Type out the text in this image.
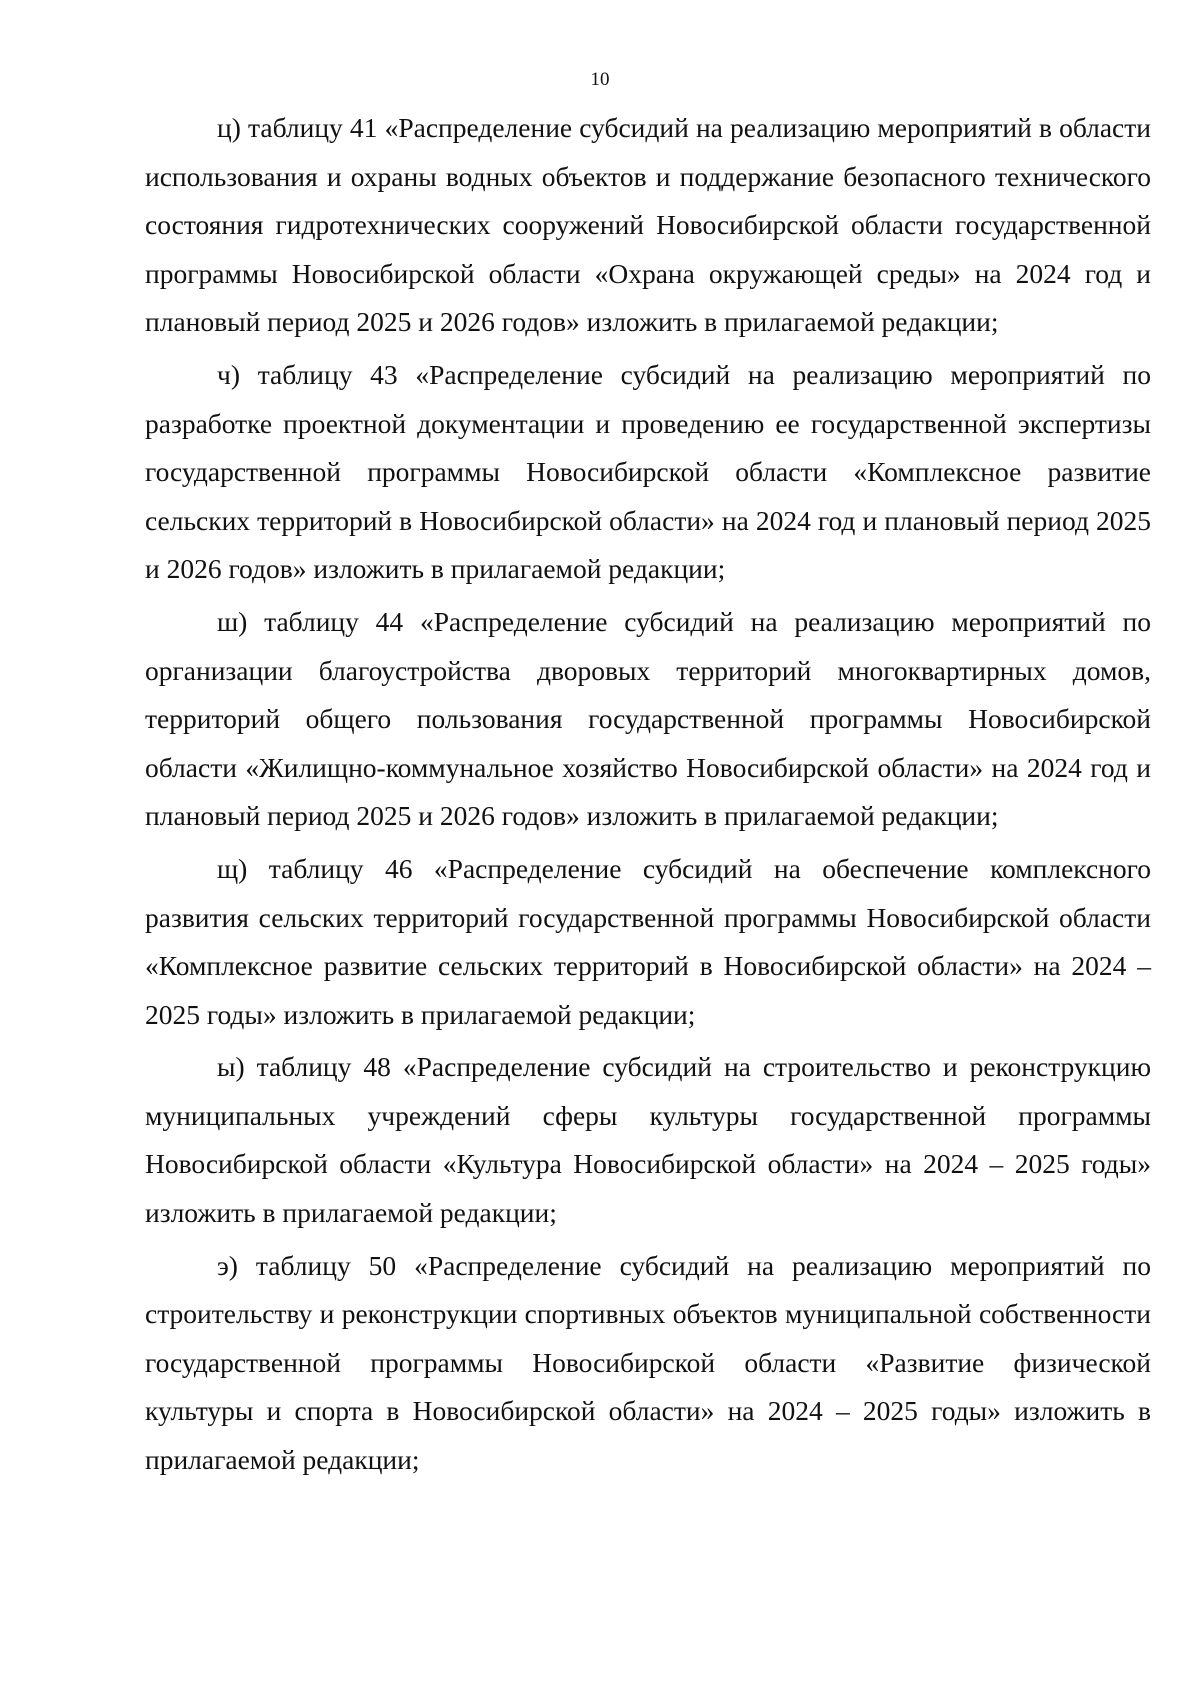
10

ц) таблицу 41 «Распределение субсидий на реализацию мероприятий в области использования и охраны водных объектов и поддержание безопасного технического состояния гидротехнических сооружений Новосибирской области государственной программы Новосибирской области «Охрана окружающей среды» на 2024 год и плановый период 2025 и 2026 годов» изложить в прилагаемой редакции;

ч) таблицу 43 «Распределение субсидий на реализацию мероприятий по разработке проектной документации и проведению ее государственной экспертизы государственной программы Новосибирской области «Комплексное развитие сельских территорий в Новосибирской области» на 2024 год и плановый период 2025 и 2026 годов» изложить в прилагаемой редакции;

ш) таблицу 44 «Распределение субсидий на реализацию мероприятий по организации благоустройства дворовых территорий многоквартирных домов, территорий общего пользования государственной программы Новосибирской области «Жилищно-коммунальное хозяйство Новосибирской области» на 2024 год и плановый период 2025 и 2026 годов» изложить в прилагаемой редакции;

щ) таблицу 46 «Распределение субсидий на обеспечение комплексного развития сельских территорий государственной программы Новосибирской области «Комплексное развитие сельских территорий в Новосибирской области» на 2024 – 2025 годы» изложить в прилагаемой редакции;

ы) таблицу 48 «Распределение субсидий на строительство и реконструкцию муниципальных учреждений сферы культуры государственной программы Новосибирской области «Культура Новосибирской области» на 2024 – 2025 годы» изложить в прилагаемой редакции;

э) таблицу 50 «Распределение субсидий на реализацию мероприятий по строительству и реконструкции спортивных объектов муниципальной собственности государственной программы Новосибирской области «Развитие физической культуры и спорта в Новосибирской области» на 2024 – 2025 годы» изложить в прилагаемой редакции;
